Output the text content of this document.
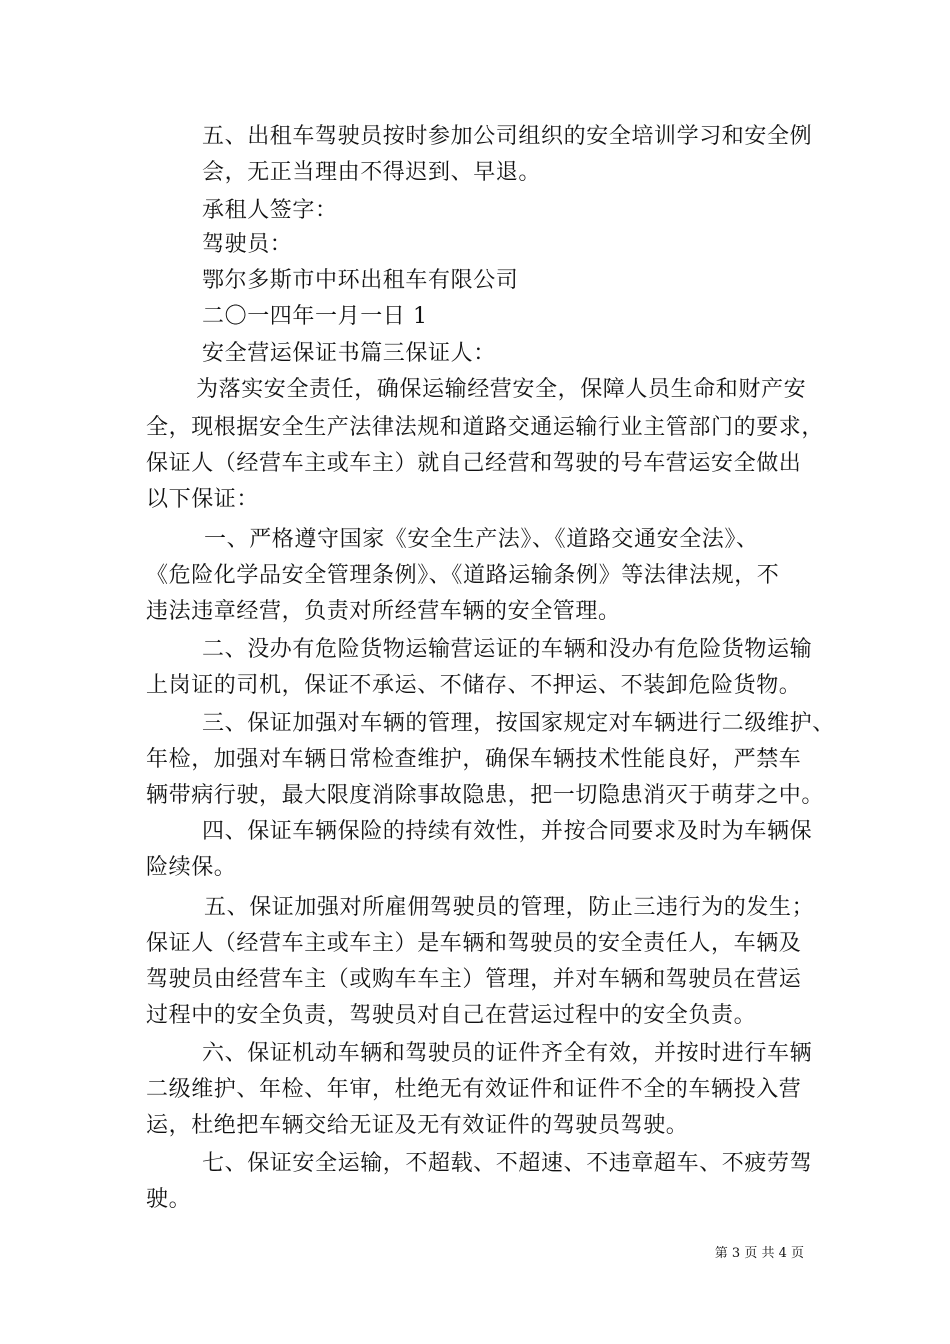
五、出租车驾驶员按时参加公司组织的安全培训学习和安全例
会，无正当理由不得迟到、早退。
承租人签字：
驾驶员：
鄂尔多斯市中环出租车有限公司
二〇一四年一月一日 1
安全营运保证书篇三保证人：
为落实安全责任，确保运输经营安全，保障人员生命和财产安
全，现根据安全生产法律法规和道路交通运输行业主管部门的要求，
保证人（经营车主或车主）就自己经营和驾驶的号车营运安全做出
以下保证：
一、严格遵守国家《安全生产法》、《道路交通安全法》、
《危险化学品安全管理条例》、《道路运输条例》等法律法规，不
违法违章经营，负责对所经营车辆的安全管理。
二、没办有危险货物运输营运证的车辆和没办有危险货物运输
上岗证的司机，保证不承运、不储存、不押运、不装卸危险货物。
三、保证加强对车辆的管理，按国家规定对车辆进行二级维护、
年检，加强对车辆日常检查维护，确保车辆技术性能良好，严禁车
辆带病行驶，最大限度消除事故隐患，把一切隐患消灭于萌芽之中。
四、保证车辆保险的持续有效性，并按合同要求及时为车辆保
险续保。
五、保证加强对所雇佣驾驶员的管理，防止三违行为的发生；
保证人（经营车主或车主）是车辆和驾驶员的安全责任人，车辆及
驾驶员由经营车主（或购车车主）管理，并对车辆和驾驶员在营运
过程中的安全负责，驾驶员对自己在营运过程中的安全负责。
六、保证机动车辆和驾驶员的证件齐全有效，并按时进行车辆
二级维护、年检、年审，杜绝无有效证件和证件不全的车辆投入营
运，杜绝把车辆交给无证及无有效证件的驾驶员驾驶。
七、保证安全运输，不超载、不超速、不违章超车、不疲劳驾
驶。
第 3 页 共 4 页
